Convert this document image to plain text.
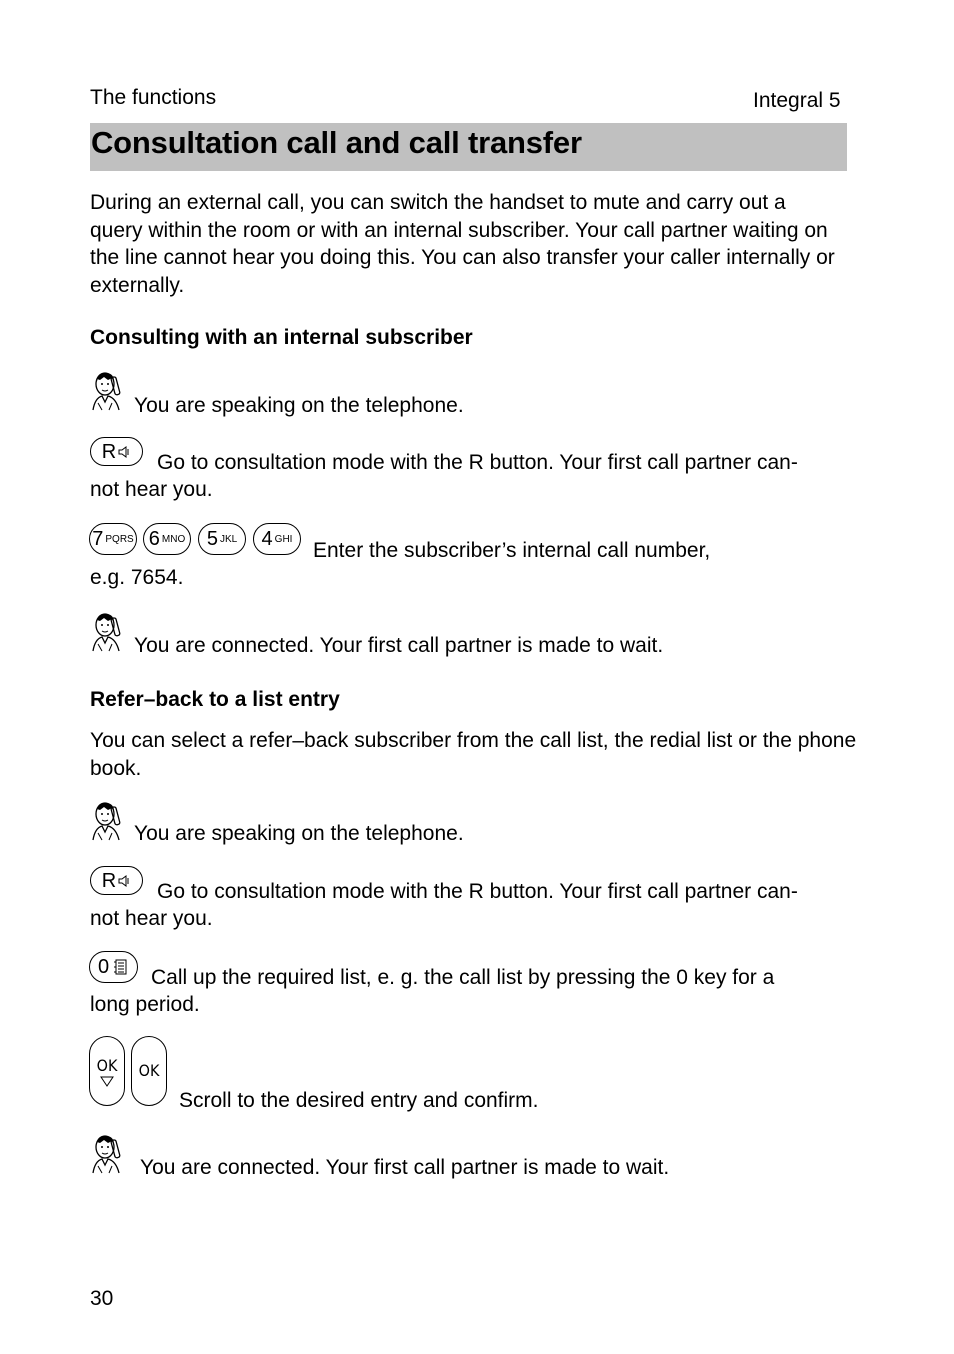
The functions	Integral 5
Consultation call and call transfer
During an external call, you can switch the handset to mute and carry out a query within the room or with an internal subscriber. Your call partner waiting on the line cannot hear you doing this. You can also transfer your caller internally or externally.
Consulting with an internal subscriber
You are speaking on the telephone.
R Go to consultation mode with the R button. Your first call partner can-
not hear you.
7 PQRS 6 MNO 5 JKL 4 GHI Enter the subscriber’s internal call number,
e.g. 7654.
You are connected. Your first call partner is made to wait.
Refer–back to a list entry
You can select a refer–back subscriber from the call list, the redial list or the phone book.
You are speaking on the telephone.
R Go to consultation mode with the R button. Your first call partner can-
not hear you.
0 Call up the required list, e. g. the call list by pressing the 0 key for a
long period.
OK OK
Scroll to the desired entry and confirm.
You are connected. Your first call partner is made to wait.
30
